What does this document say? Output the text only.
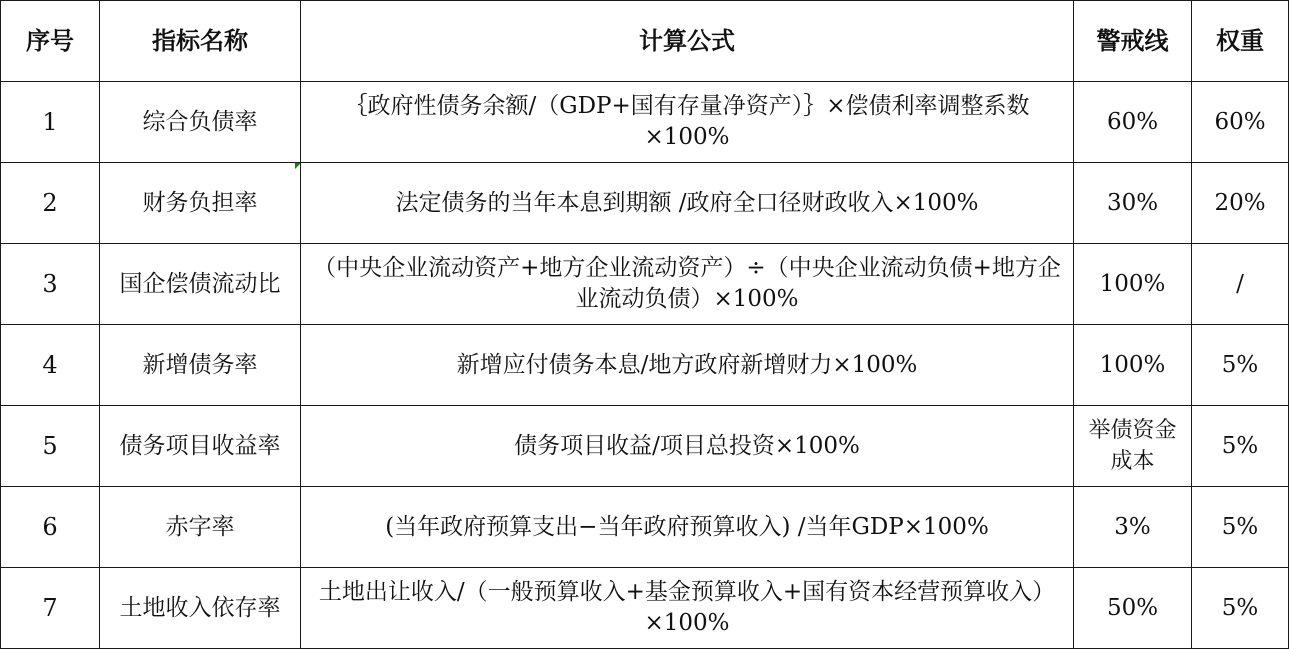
序号	指标名称	计算公式	警戒线	权重
1	综合负债率	｛政府性债务余额/（GDP+国有存量净资产）｝×偿债利率调整系数×100%	60%	60%
2	财务负担率	法定债务的当年本息到期额 /政府全口径财政收入×100%	30%	20%
3	国企偿债流动比	（中央企业流动资产+地方企业流动资产）÷（中央企业流动负债+地方企业流动负债）×100%	100%	/
4	新增债务率	新增应付债务本息/地方政府新增财力×100%	100%	5%
5	债务项目收益率	债务项目收益/项目总投资×100%	举债资金成本	5%
6	赤字率	(当年政府预算支出−当年政府预算收入) /当年GDP×100%	3%	5%
7	土地收入依存率	土地出让收入/（一般预算收入+基金预算收入+国有资本经营预算收入）×100%	50%	5%
